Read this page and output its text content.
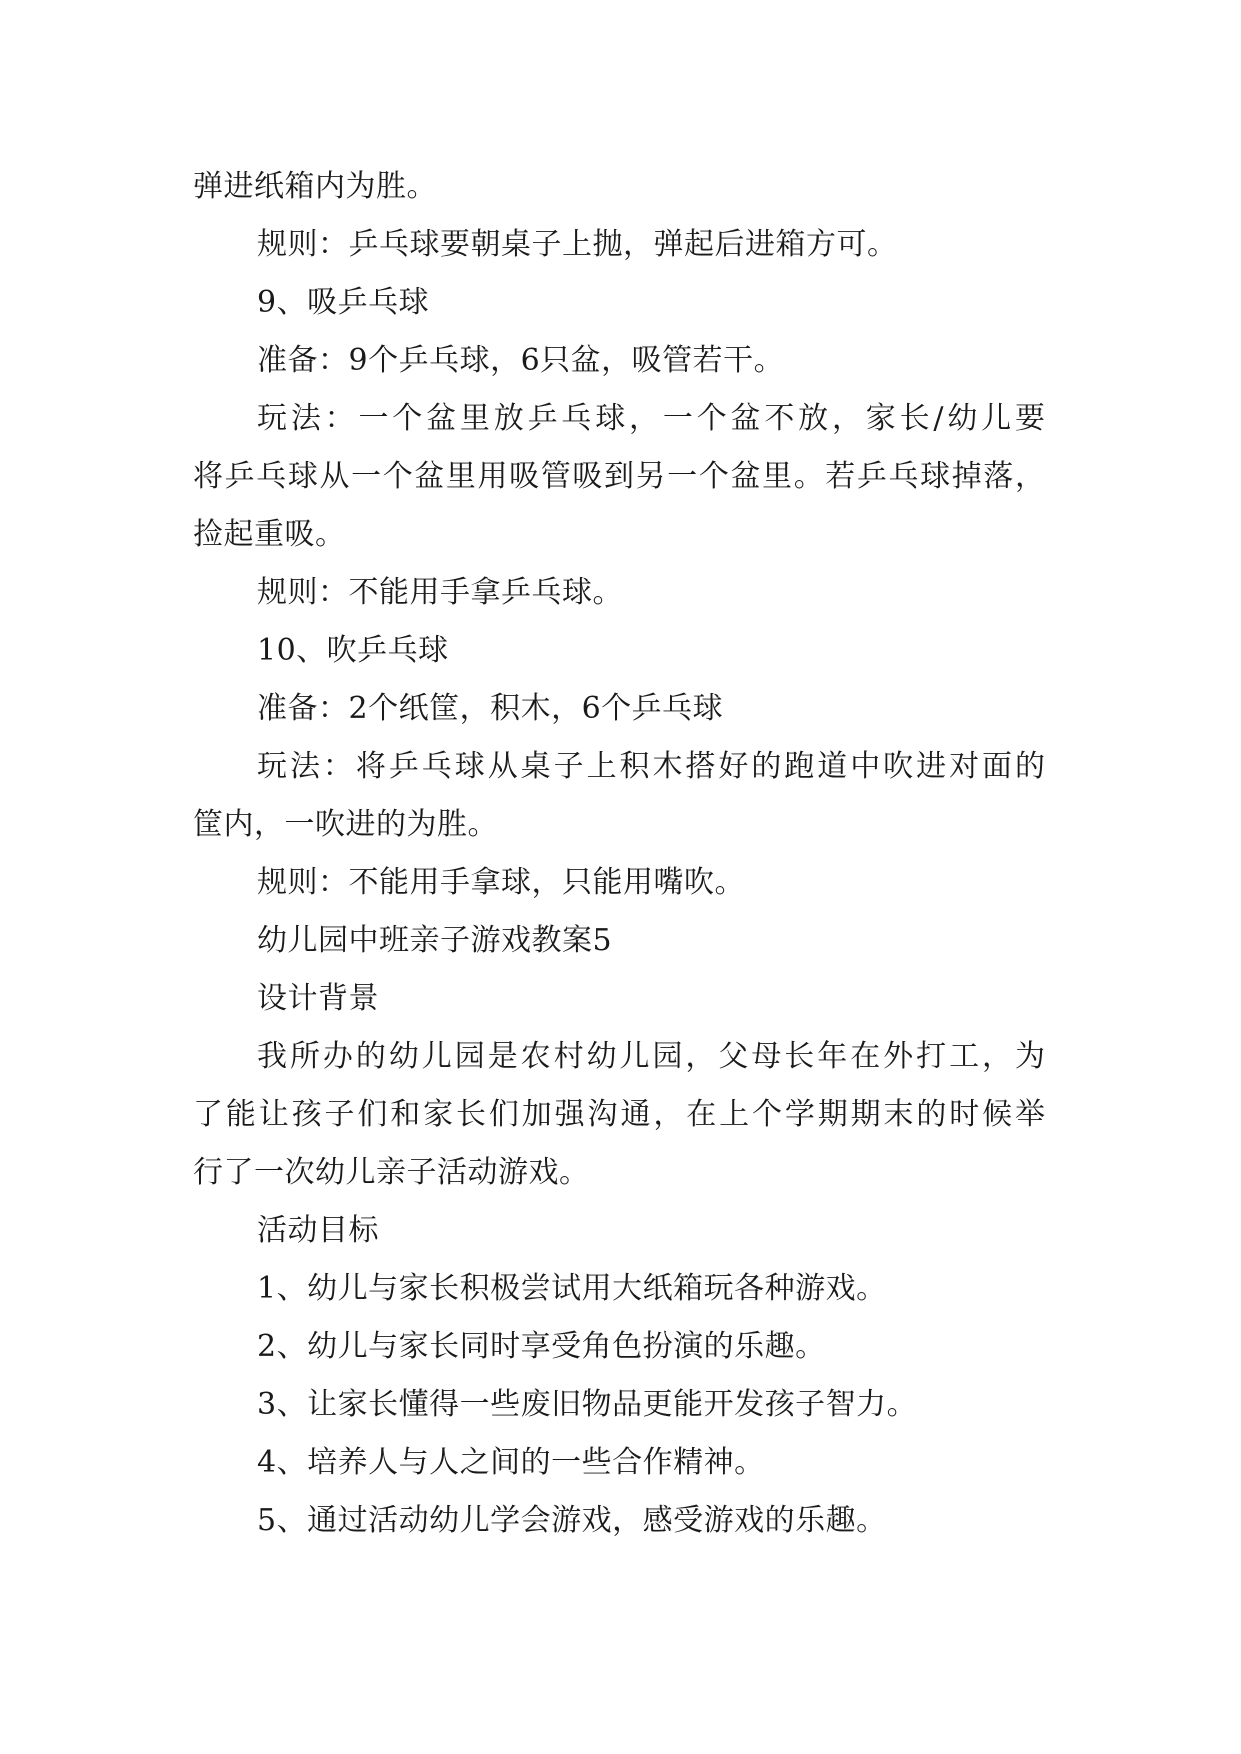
弹进纸箱内为胜。
规则：乒乓球要朝桌子上抛，弹起后进箱方可。
9、吸乒乓球
准备：9个乒乓球，6只盆，吸管若干。
玩法：一个盆里放乒乓球，一个盆不放，家长/幼儿要
将乒乓球从一个盆里用吸管吸到另一个盆里。若乒乓球掉落，
捡起重吸。
规则：不能用手拿乒乓球。
10、吹乒乓球
准备：2个纸筐，积木，6个乒乓球
玩法：将乒乓球从桌子上积木搭好的跑道中吹进对面的
筐内，一吹进的为胜。
规则：不能用手拿球，只能用嘴吹。
幼儿园中班亲子游戏教案5
设计背景
我所办的幼儿园是农村幼儿园，父母长年在外打工，为
了能让孩子们和家长们加强沟通，在上个学期期末的时候举
行了一次幼儿亲子活动游戏。
活动目标
1、幼儿与家长积极尝试用大纸箱玩各种游戏。
2、幼儿与家长同时享受角色扮演的乐趣。
3、让家长懂得一些废旧物品更能开发孩子智力。
4、培养人与人之间的一些合作精神。
5、通过活动幼儿学会游戏，感受游戏的乐趣。
